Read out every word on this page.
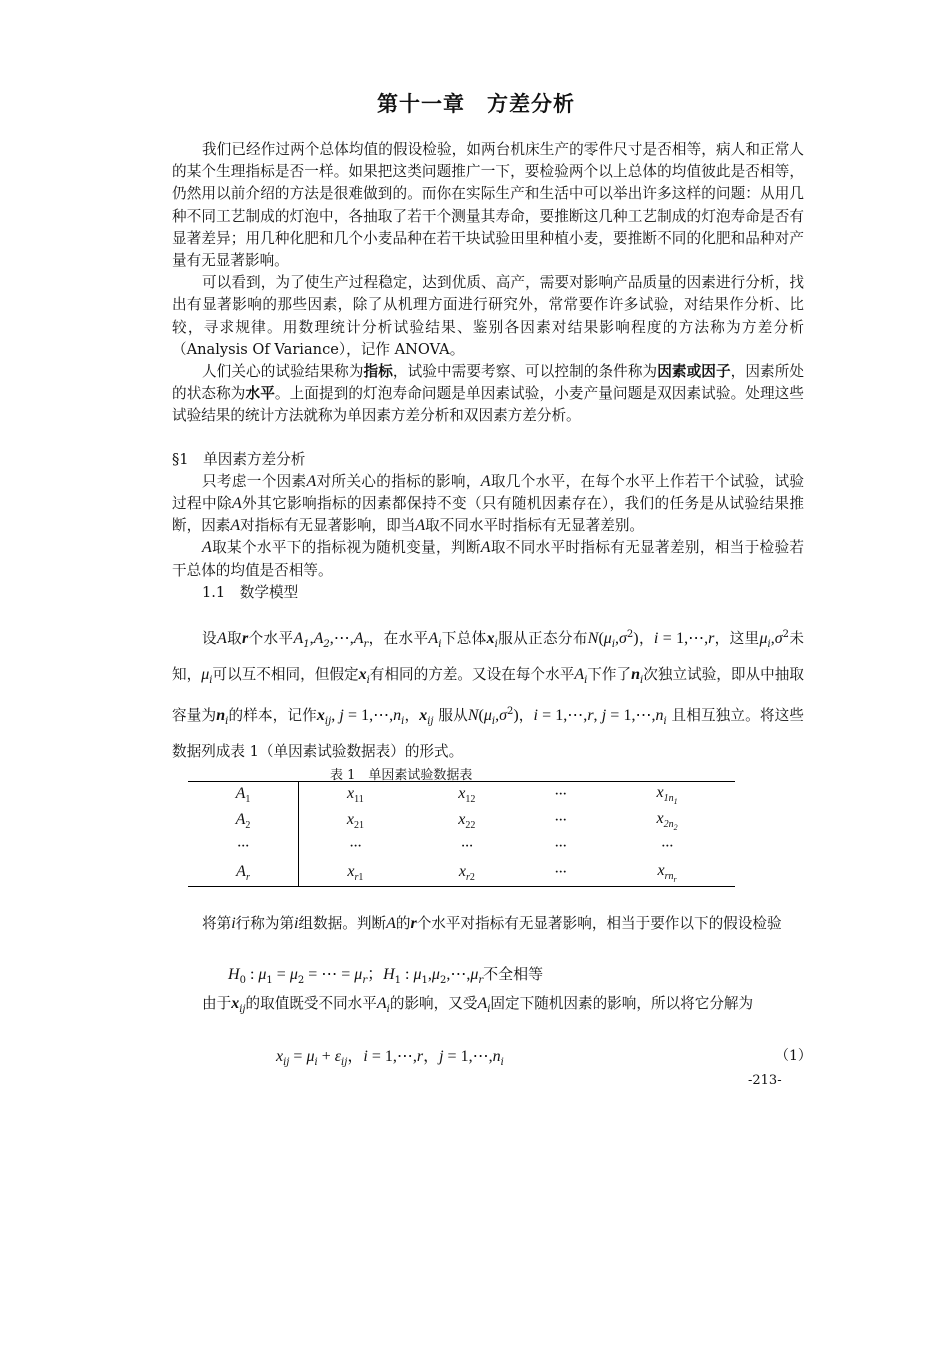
第十一章 方差分析

我们已经作过两个总体均值的假设检验，如两台机床生产的零件尺寸是否相等，病人和正常人的某个生理指标是否一样。如果把这类问题推广一下，要检验两个以上总体的均值彼此是否相等，仍然用以前介绍的方法是很难做到的。而你在实际生产和生活中可以举出许多这样的问题：从用几种不同工艺制成的灯泡中，各抽取了若干个测量其寿命，要推断这几种工艺制成的灯泡寿命是否有显著差异；用几种化肥和几个小麦品种在若干块试验田里种植小麦，要推断不同的化肥和品种对产量有无显著影响。

可以看到，为了使生产过程稳定，达到优质、高产，需要对影响产品质量的因素进行分析，找出有显著影响的那些因素，除了从机理方面进行研究外，常常要作许多试验，对结果作分析、比较，寻求规律。用数理统计分析试验结果、鉴别各因素对结果影响程度的方法称为方差分析（Analysis Of Variance），记作 ANOVA。

人们关心的试验结果称为指标，试验中需要考察、可以控制的条件称为因素或因子，因素所处的状态称为水平。上面提到的灯泡寿命问题是单因素试验，小麦产量问题是双因素试验。处理这些试验结果的统计方法就称为单因素方差分析和双因素方差分析。

§1　单因素方差分析

只考虑一个因素A对所关心的指标的影响，A取几个水平，在每个水平上作若干个试验，试验过程中除A外其它影响指标的因素都保持不变（只有随机因素存在），我们的任务是从试验结果推断，因素A对指标有无显著影响，即当A取不同水平时指标有无显著差别。

A取某个水平下的指标视为随机变量，判断A取不同水平时指标有无显著差别，相当于检验若干总体的均值是否相等。

1.1　数学模型

设A取r个水平$A_1,A_2,\cdots,A_r$，在水平$A_i$下总体$x_i$服从正态分布$N(\mu_i,\sigma^2)$，i = 1,⋯,r，这里$\mu_i,\sigma^2$未知，$\mu_i$可以互不相同，但假定$x_i$有相同的方差。又设在每个水平$A_i$下作了$n_i$次独立试验，即从中抽取容量为$n_i$的样本，记作$x_{ij}$, $j = 1,\cdots,n_i$，$x_{ij}$ 服从$N(\mu_i,\sigma^2)$，i = 1,⋯,r, $j = 1,\cdots,n_i$ 且相互独立。将这些数据列成表 1（单因素试验数据表）的形式。

表 1　单因素试验数据表
$A_1$	$x_{11}$	$x_{12}$	···	$x_{1n_1}$
$A_2$	$x_{21}$	$x_{22}$	···	$x_{2n_2}$
···	···	···	···	···
$A_r$	$x_{r1}$	$x_{r2}$	···	$x_{rn_r}$

将第i行称为第i组数据。判断A的r个水平对指标有无显著影响，相当于要作以下的假设检验

$H_0$ : $\mu_1 = \mu_2$ = ⋯ = $\mu_r$；$H_1$ : $\mu_1,\mu_2,\cdots,\mu_r$不全相等

由于$x_{ij}$的取值既受不同水平$A_i$的影响，又受$A_i$固定下随机因素的影响，所以将它分解为

$x_{ij} = \mu_i + \varepsilon_{ij}$，i = 1,⋯,r，$j = 1,\cdots,n_i$	（1）
-213-
